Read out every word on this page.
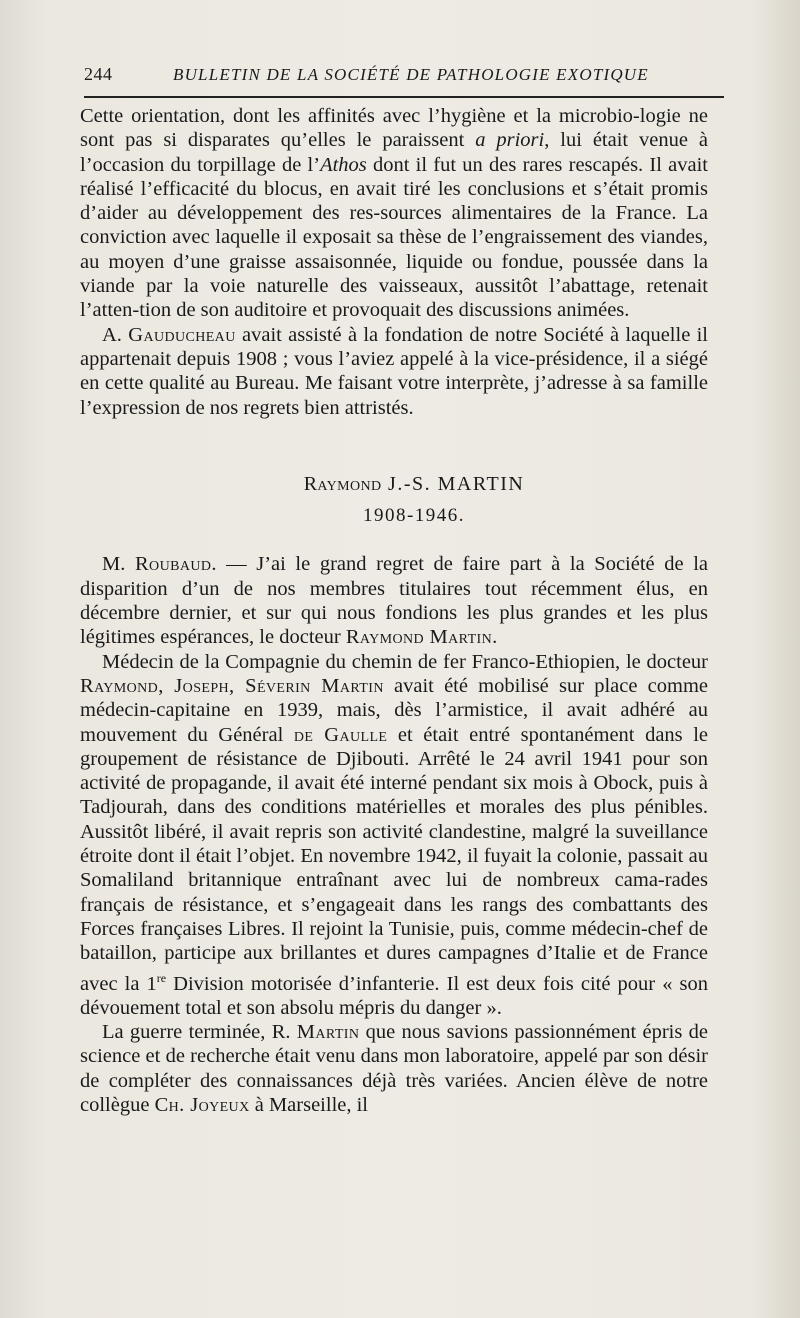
244	BULLETIN DE LA SOCIÉTÉ DE PATHOLOGIE EXOTIQUE

Cette orientation, dont les affinités avec l’hygiène et la microbio-logie ne sont pas si disparates qu’elles le paraissent a priori, lui était venue à l’occasion du torpillage de l’Athos dont il fut un des rares rescapés. Il avait réalisé l’efficacité du blocus, en avait tiré les conclusions et s’était promis d’aider au développement des res-sources alimentaires de la France. La conviction avec laquelle il exposait sa thèse de l’engraissement des viandes, au moyen d’une graisse assaisonnée, liquide ou fondue, poussée dans la viande par la voie naturelle des vaisseaux, aussitôt l’abattage, retenait l’atten-tion de son auditoire et provoquait des discussions animées.

A. Gauducheau avait assisté à la fondation de notre Société à laquelle il appartenait depuis 1908 ; vous l’aviez appelé à la vice-présidence, il a siégé en cette qualité au Bureau. Me faisant votre interprète, j’adresse à sa famille l’expression de nos regrets bien attristés.

Raymond J.-S. MARTIN

1908-1946.

M. Roubaud. — J’ai le grand regret de faire part à la Société de la disparition d’un de nos membres titulaires tout récemment élus, en décembre dernier, et sur qui nous fondions les plus grandes et les plus légitimes espérances, le docteur Raymond Martin.

Médecin de la Compagnie du chemin de fer Franco-Ethiopien, le docteur Raymond, Joseph, Séverin Martin avait été mobilisé sur place comme médecin-capitaine en 1939, mais, dès l’armistice, il avait adhéré au mouvement du Général de Gaulle et était entré spontanément dans le groupement de résistance de Djibouti. Arrêté le 24 avril 1941 pour son activité de propagande, il avait été interné pendant six mois à Obock, puis à Tadjourah, dans des conditions matérielles et morales des plus pénibles. Aussitôt libéré, il avait repris son activité clandestine, malgré la suveillance étroite dont il était l’objet. En novembre 1942, il fuyait la colonie, passait au Somaliland britannique entraînant avec lui de nombreux cama-rades français de résistance, et s’engageait dans les rangs des combattants des Forces françaises Libres. Il rejoint la Tunisie, puis, comme médecin-chef de bataillon, participe aux brillantes et dures campagnes d’Italie et de France avec la 1re Division motorisée d’infanterie. Il est deux fois cité pour « son dévouement total et son absolu mépris du danger ».

La guerre terminée, R. Martin que nous savions passionnément épris de science et de recherche était venu dans mon laboratoire, appelé par son désir de compléter des connaissances déjà très variées. Ancien élève de notre collègue Ch. Joyeux à Marseille, il
